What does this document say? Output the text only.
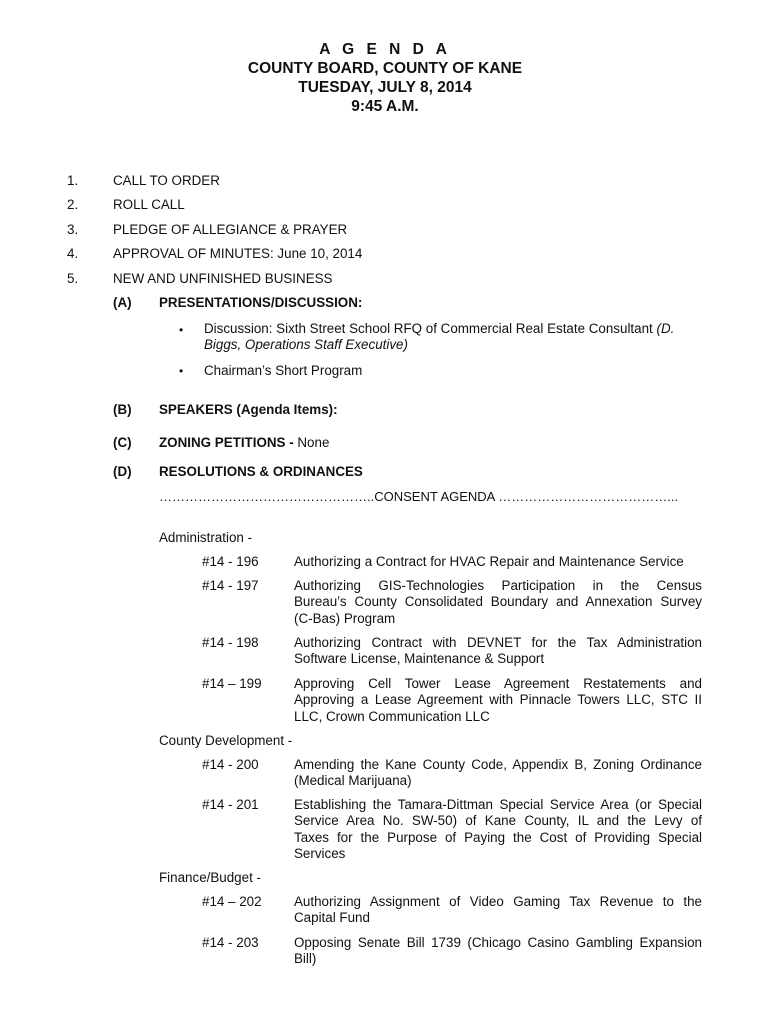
A G E N D A
COUNTY BOARD, COUNTY OF KANE
TUESDAY, JULY 8, 2014
9:45 A.M.
1.	CALL TO ORDER
2.	ROLL CALL
3.	PLEDGE OF ALLEGIANCE & PRAYER
4.	APPROVAL OF MINUTES: June 10, 2014
5.	NEW AND UNFINISHED BUSINESS
(A) PRESENTATIONS/DISCUSSION:
• Discussion: Sixth Street School RFQ of Commercial Real Estate Consultant (D.
Biggs, Operations Staff Executive)
• Chairman’s Short Program
(B) SPEAKERS (Agenda Items):
(C) ZONING PETITIONS - None
(D) RESOLUTIONS & ORDINANCES
…………………………………………..CONSENT AGENDA …………………………………...
Administration -
#14 - 196	Authorizing a Contract for HVAC Repair and Maintenance Service
#14 - 197	Authorizing GIS-Technologies Participation in the Census
Bureau’s County Consolidated Boundary and Annexation Survey
(C-Bas) Program
#14 - 198	Authorizing Contract with DEVNET for the Tax Administration
Software License, Maintenance & Support
#14 – 199 Approving Cell Tower Lease Agreement Restatements and
Approving a Lease Agreement with Pinnacle Towers LLC, STC II
LLC, Crown Communication LLC
County Development -
#14 - 200	Amending the Kane County Code, Appendix B, Zoning Ordinance
(Medical Marijuana)
#14 - 201	Establishing the Tamara-Dittman Special Service Area (or Special
Service Area No. SW-50) of Kane County, IL and the Levy of
Taxes for the Purpose of Paying the Cost of Providing Special
Services
Finance/Budget -
#14 – 202 Authorizing Assignment of Video Gaming Tax Revenue to the
Capital Fund
#14 - 203	Opposing Senate Bill 1739 (Chicago Casino Gambling Expansion
Bill)
